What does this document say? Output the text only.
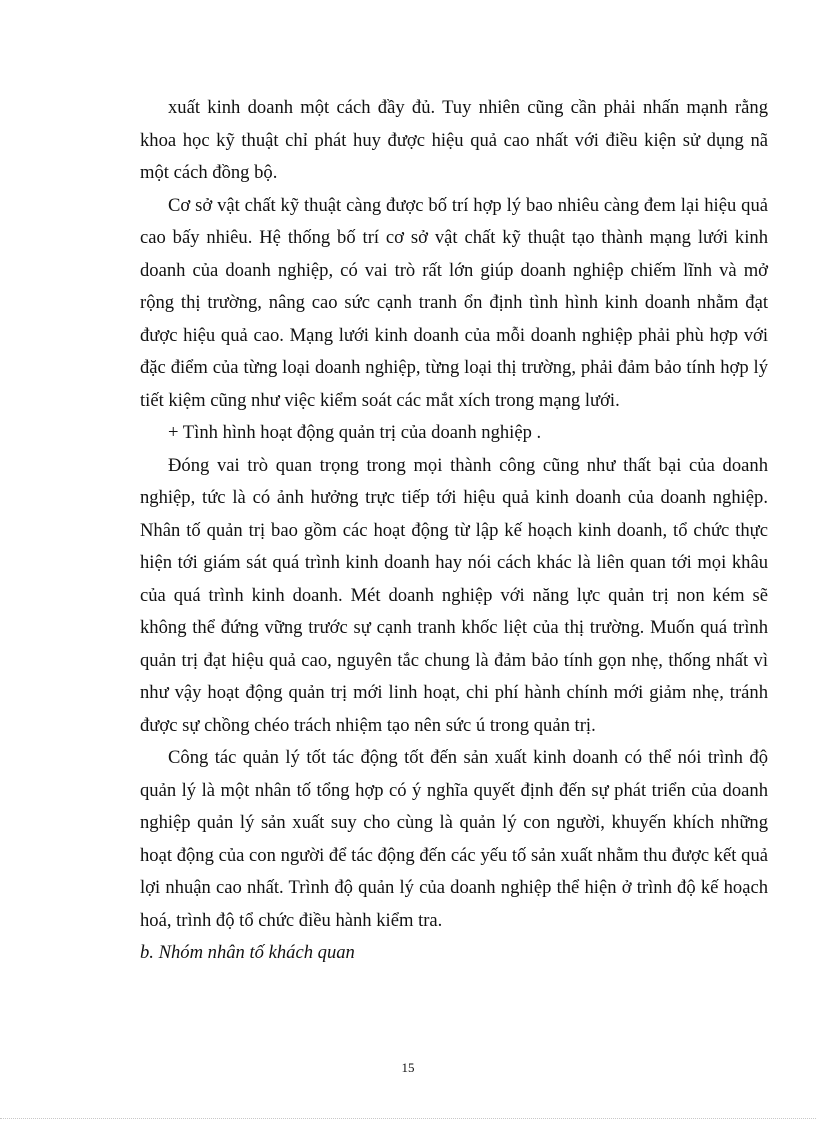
xuất kinh doanh một cách đầy đủ. Tuy nhiên cũng cần phải nhấn mạnh rằng khoa học kỹ thuật chỉ phát huy được hiệu quả cao nhất với điều kiện sử dụng nã một cách đồng bộ.

Cơ sở vật chất kỹ thuật càng được bố trí hợp lý bao nhiêu càng đem lại hiệu quả cao bấy nhiêu. Hệ thống bố trí cơ sở vật chất kỹ thuật tạo thành mạng lưới kinh doanh của doanh nghiệp, có vai trò rất lớn giúp doanh nghiệp chiếm lĩnh và mở rộng thị trường, nâng cao sức cạnh tranh ổn định tình hình kinh doanh nhằm đạt được hiệu quả cao. Mạng lưới kinh doanh của mỗi doanh nghiệp phải phù hợp với đặc điểm của từng loại doanh nghiệp, từng loại thị trường, phải đảm bảo tính hợp lý tiết kiệm cũng như việc kiểm soát các mắt xích trong mạng lưới.

+ Tình hình hoạt động quản trị của doanh nghiệp .

Đóng vai trò quan trọng trong mọi thành công cũng như thất bại của doanh nghiệp, tức là có ảnh hưởng trực tiếp tới hiệu quả kinh doanh của doanh nghiệp. Nhân tố quản trị bao gồm các hoạt động từ lập kế hoạch kinh doanh, tổ chức thực hiện tới giám sát quá trình kinh doanh hay nói cách khác là liên quan tới mọi khâu của quá trình kinh doanh. Mét doanh nghiệp với năng lực quản trị non kém sẽ không thể đứng vững trước sự cạnh tranh khốc liệt của thị trường. Muốn quá trình quản trị đạt hiệu quả cao, nguyên tắc chung là đảm bảo tính gọn nhẹ, thống nhất vì như vậy hoạt động quản trị mới linh hoạt, chi phí hành chính mới giảm nhẹ, tránh được sự chồng chéo trách nhiệm tạo nên sức ú trong quản trị.

Công tác quản lý tốt tác động tốt đến sản xuất kinh doanh có thể nói trình độ quản lý là một nhân tố tổng hợp có ý nghĩa quyết định đến sự phát triển của doanh nghiệp quản lý sản xuất suy cho cùng là quản lý con người, khuyến khích những hoạt động của con người để tác động đến các yếu tố sản xuất nhằm thu được kết quả lợi nhuận cao nhất. Trình độ quản lý của doanh nghiệp thể hiện ở trình độ kế hoạch hoá, trình độ tổ chức điều hành kiểm tra.

b. Nhóm nhân tố khách quan

15
